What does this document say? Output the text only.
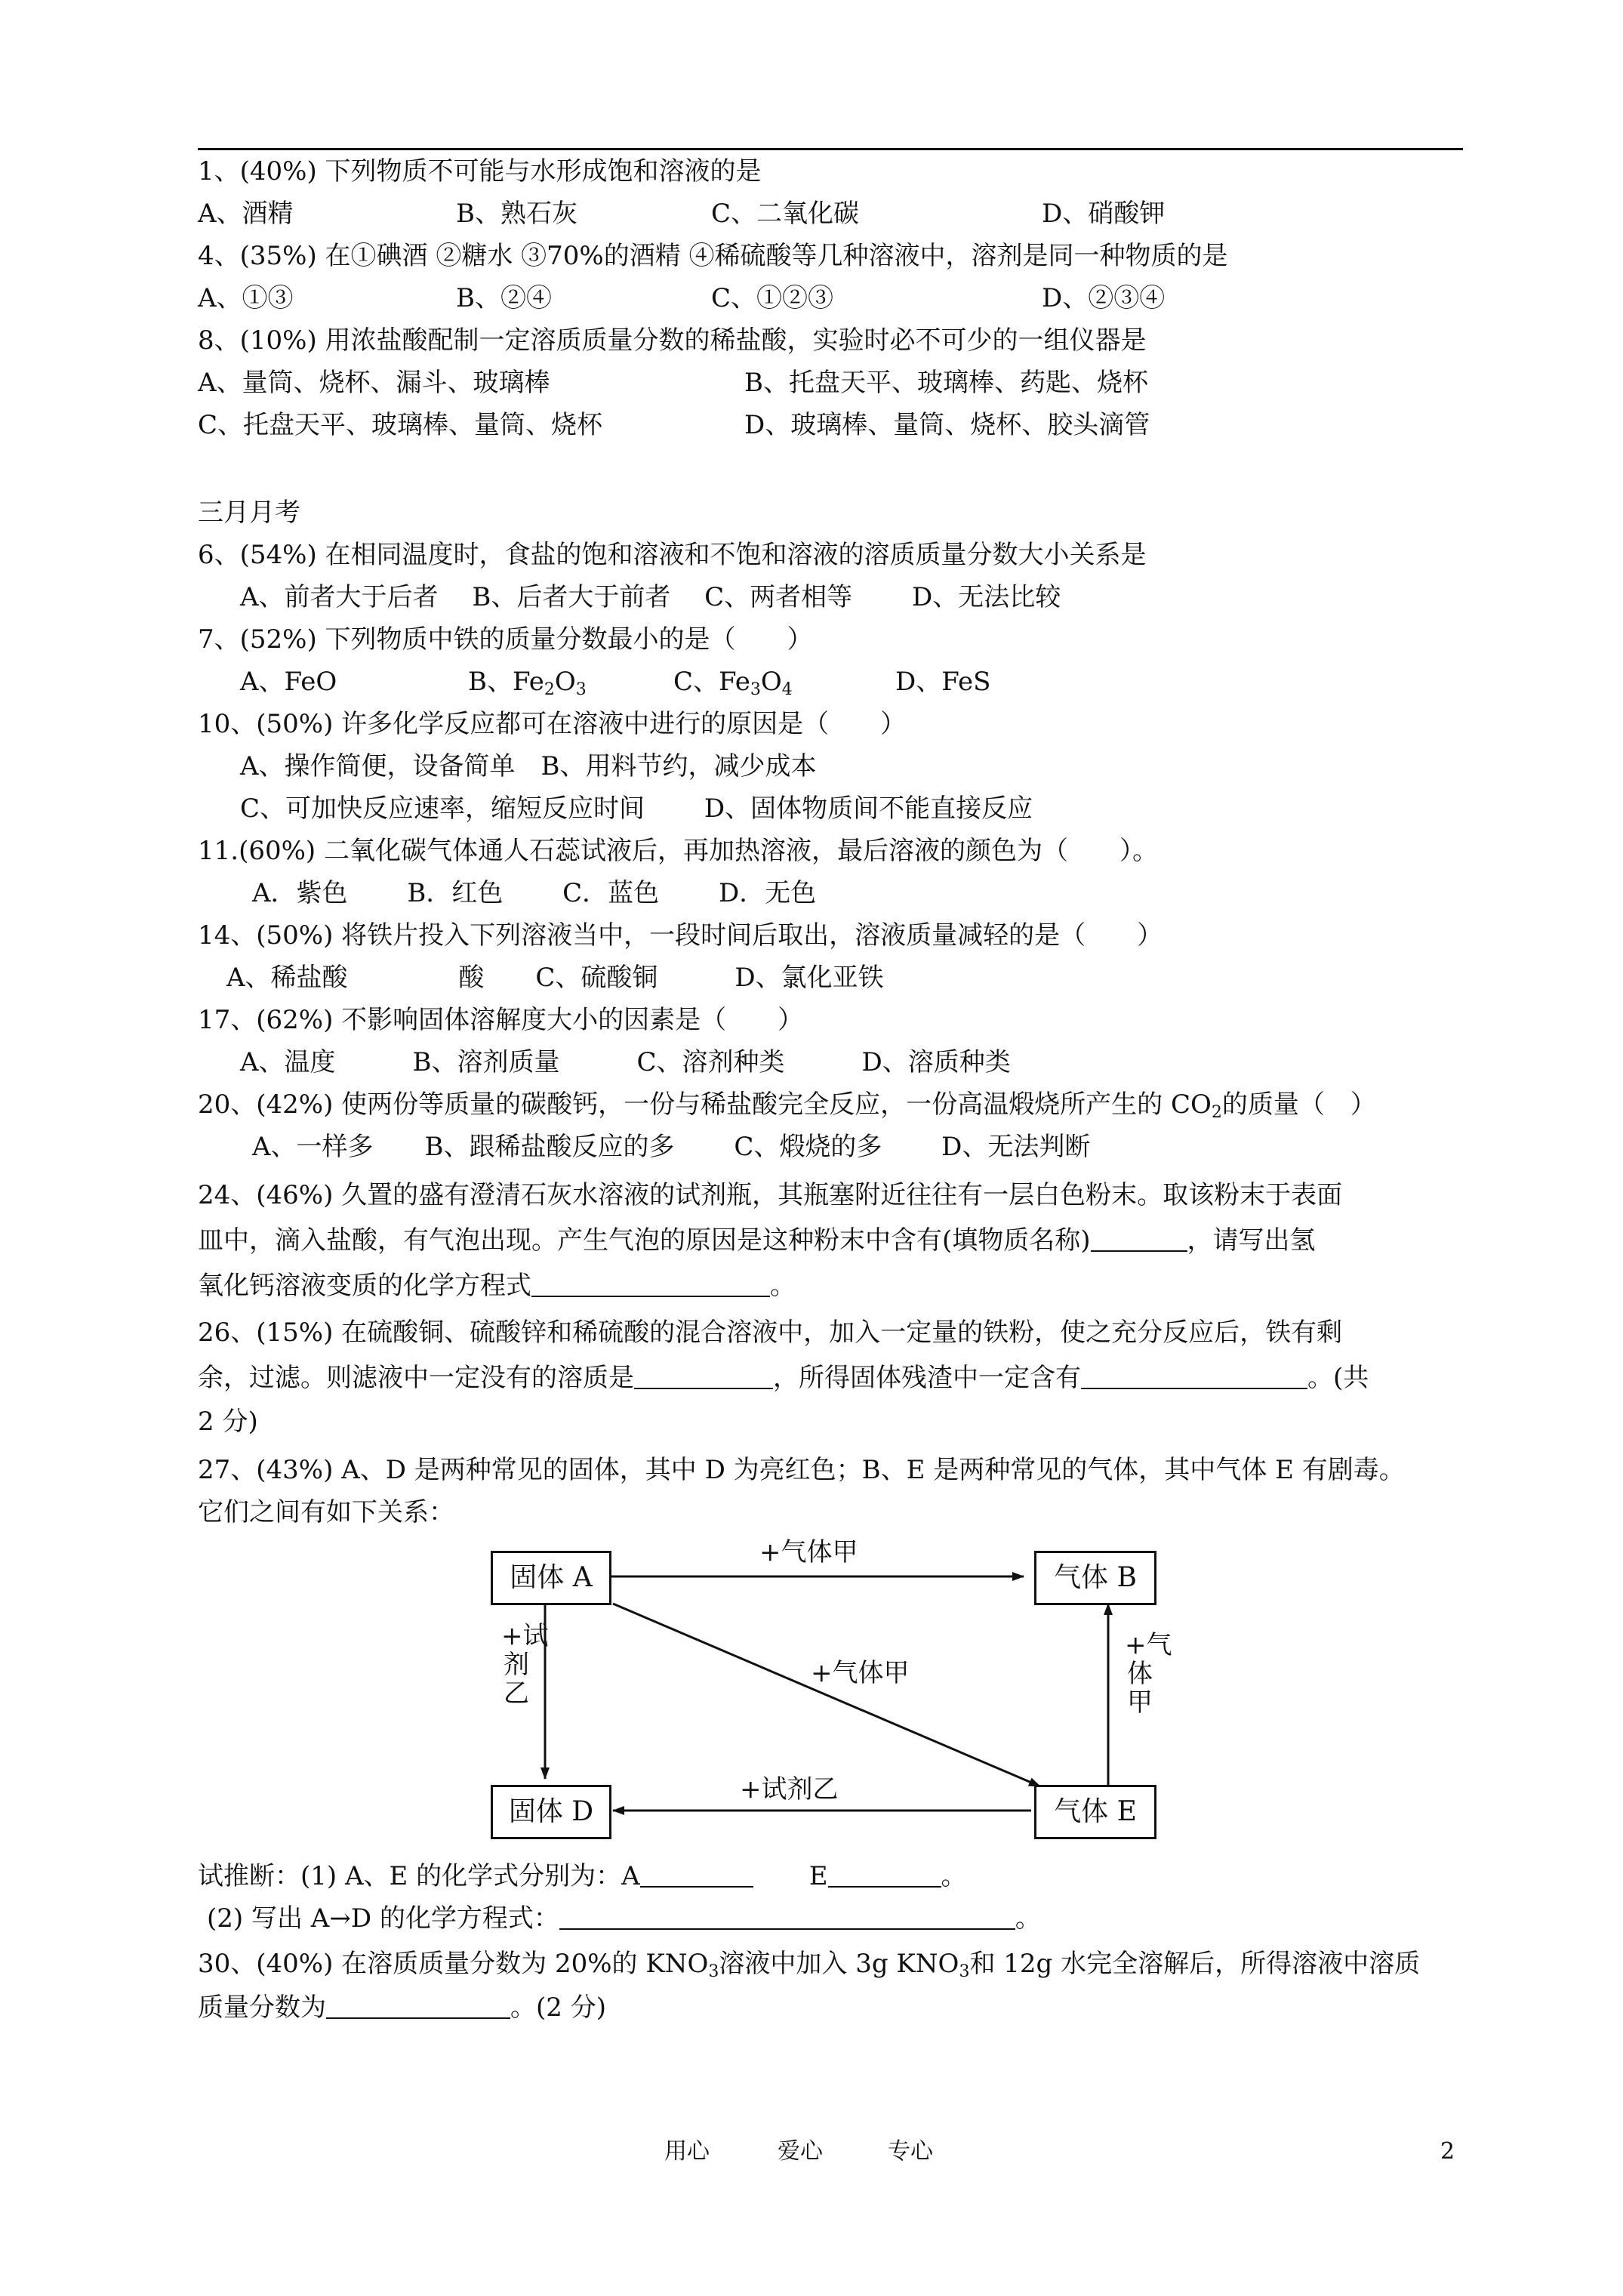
1、(40%) 下列物质不可能与水形成饱和溶液的是
A、酒精	B、熟石灰	C、二氧化碳	D、硝酸钾
4、(35%) 在①碘酒 ②糖水 ③70%的酒精 ④稀硫酸等几种溶液中，溶剂是同一种物质的是
A、①③	B、②④	C、①②③	D、②③④
8、(10%) 用浓盐酸配制一定溶质质量分数的稀盐酸，实验时必不可少的一组仪器是
A、量筒、烧杯、漏斗、玻璃棒	B、托盘天平、玻璃棒、药匙、烧杯
C、托盘天平、玻璃棒、量筒、烧杯	D、玻璃棒、量筒、烧杯、胶头滴管
三月月考
6、(54%) 在相同温度时，食盐的饱和溶液和不饱和溶液的溶质质量分数大小关系是
A、前者大于后者　 B、后者大于前者　 C、两者相等　　 D、无法比较
7、(52%) 下列物质中铁的质量分数最小的是（　　）
A、FeO	B、$Fe_2O_3$	C、$Fe_3O_4$	D、FeS
10、(50%) 许多化学反应都可在溶液中进行的原因是（　　）
A、操作简便，设备简单　B、用料节约，减少成本
C、可加快反应速率，缩短反应时间　　 D、固体物质间不能直接反应
11.(60%) 二氧化碳气体通人石蕊试液后，再加热溶液，最后溶液的颜色为（　　）。
A．紫色　　 B．红色　　 C．蓝色　　 D．无色
14、(50%) 将铁片投入下列溶液当中，一段时间后取出，溶液质量减轻的是（　　）
A、稀盐酸　　　　 酸　　C、硫酸铜　　　D、氯化亚铁
17、(62%) 不影响固体溶解度大小的因素是（　　）
A、温度　　　B、溶剂质量　　　C、溶剂种类　　　D、溶质种类
20、(42%) 使两份等质量的碳酸钙，一份与稀盐酸完全反应，一份高温煅烧所产生的 $CO_2$的质量（　）
A、一样多　　B、跟稀盐酸反应的多　　 C、煅烧的多　　 D、无法判断
24、(46%) 久置的盛有澄清石灰水溶液的试剂瓶，其瓶塞附近往往有一层白色粉末。取该粉末于表面
皿中，滴入盐酸，有气泡出现。产生气泡的原因是这种粉末中含有(填物质名称)	，请写出氢
氧化钙溶液变质的化学方程式	。
26、(15%) 在硫酸铜、硫酸锌和稀硫酸的混合溶液中，加入一定量的铁粉，使之充分反应后，铁有剩
余，过滤。则滤液中一定没有的溶质是	，所得固体残渣中一定含有	。(共
2 分)
27、(43%) A、D 是两种常见的固体，其中 D 为亮红色；B、E 是两种常见的气体，其中气体 E 有剧毒。
它们之间有如下关系：
固体 A	气体 B
固体 D	气体 E
+气体甲
+气体甲
+试剂乙
+试剂乙
+气体甲
试推断：(1) A、E 的化学式分别为：A	E	。
(2) 写出 A→D 的化学方程式：	。
30、(40%) 在溶质质量分数为 20%的 $KNO_3$溶液中加入 3g $KNO_3$和 12g 水完全溶解后，所得溶液中溶质
质量分数为	。(2 分)
用心	爱心	专心	2
